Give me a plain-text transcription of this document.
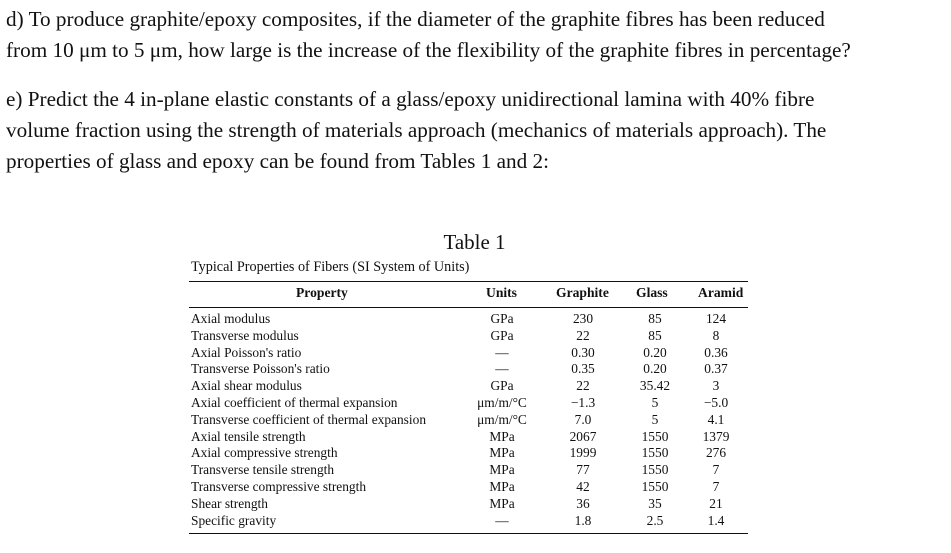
d) To produce graphite/epoxy composites, if the diameter of the graphite fibres has been reduced
from 10 μm to 5 μm, how large is the increase of the flexibility of the graphite fibres in percentage?
e) Predict the 4 in-plane elastic constants of a glass/epoxy unidirectional lamina with 40% fibre
volume fraction using the strength of materials approach (mechanics of materials approach). The
properties of glass and epoxy can be found from Tables 1 and 2:
Table 1
Typical Properties of Fibers (SI System of Units)
Property	Units	Graphite Glass Aramid
Axial modulus	GPa	230	85	124
Transverse modulus	GPa	22	85	8
Axial Poisson's ratio	—	0.30	0.20	0.36
Transverse Poisson's ratio	—	0.35	0.20	0.37
Axial shear modulus	GPa	22	35.42	3
Axial coefficient of thermal expansion	μm/m/°C	−1.3	5	−5.0
Transverse coefficient of thermal expansion	μm/m/°C	7.0	5	4.1
Axial tensile strength	MPa	2067	1550	1379
Axial compressive strength	MPa	1999	1550	276
Transverse tensile strength	MPa	77	1550	7
Transverse compressive strength	MPa	42	1550	7
Shear strength	MPa	36	35	21
Specific gravity	—	1.8	2.5	1.4
